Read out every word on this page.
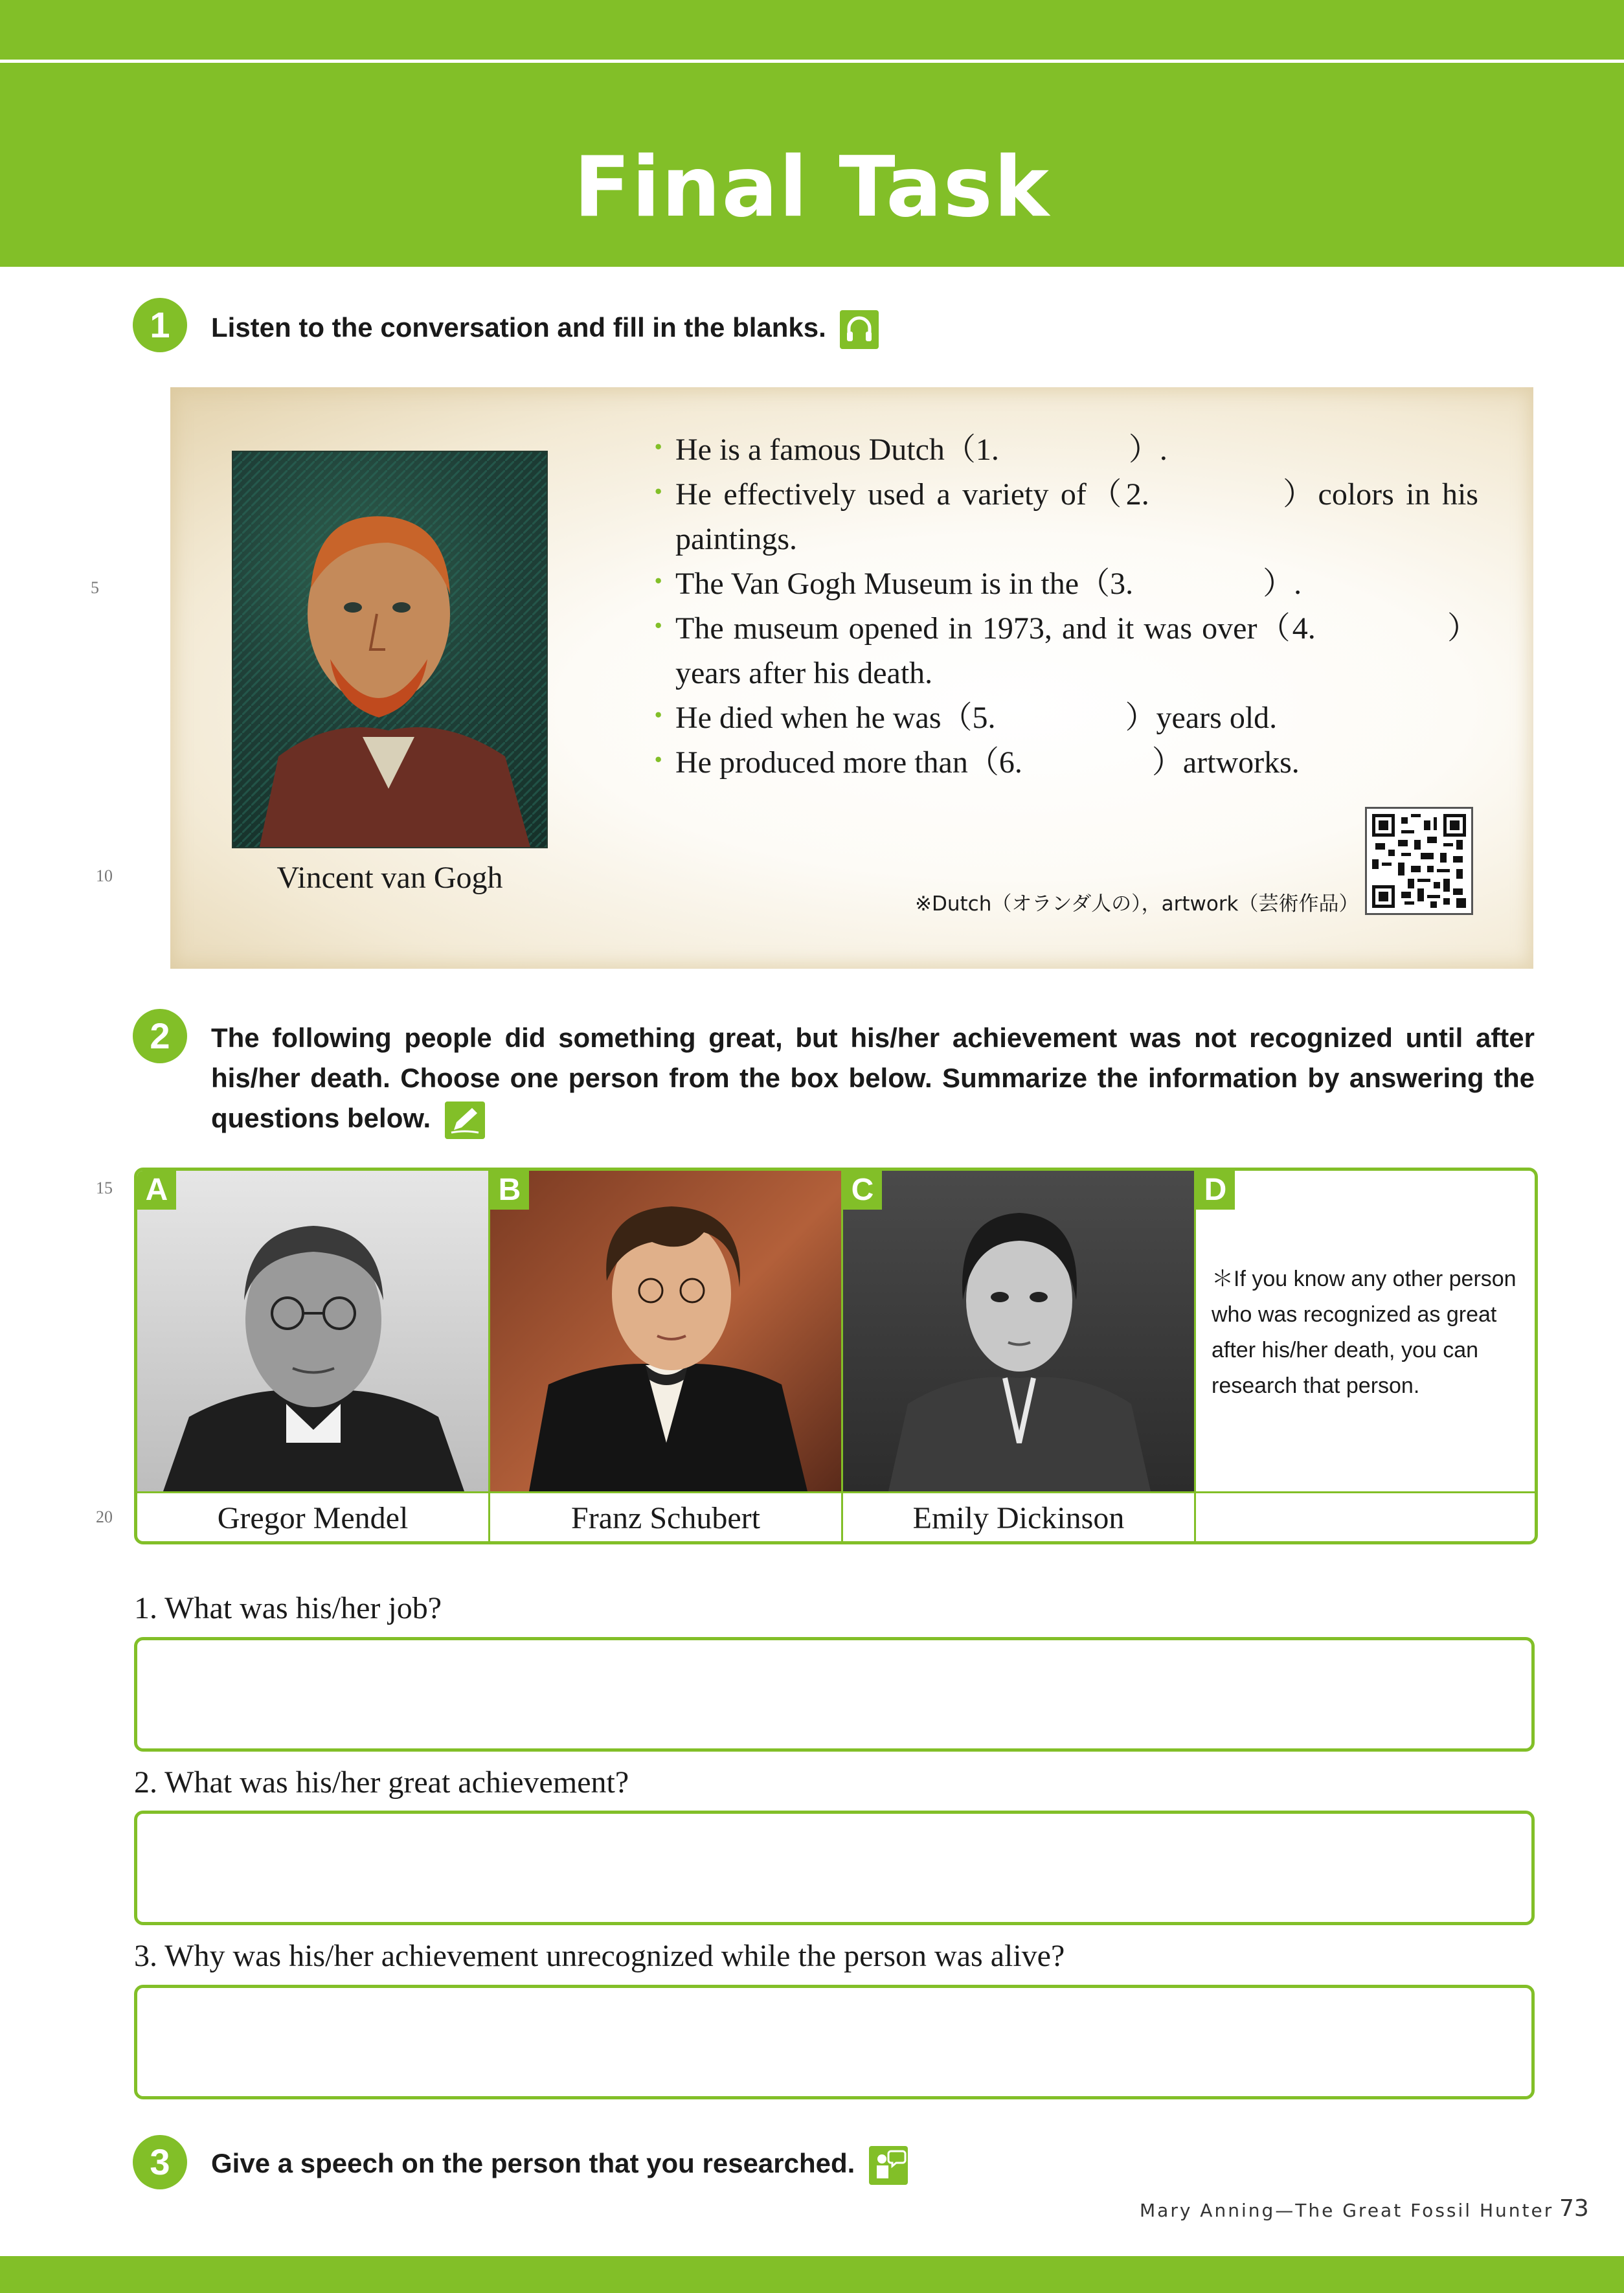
Final Task
5
10
15
20
1	Listen to the conversation and fill in the blanks.
Vincent van Gogh
· He is a famous Dutch（1.	）.
· He effectively used a variety of（2.	）colors in his paintings.
· The Van Gogh Museum is in the（3.	）.
· The museum opened in 1973, and it was over（4.	）years after his death.
· He died when he was（5.	）years old.
· He produced more than（6.	）artworks.
※Dutch（オランダ人の），artwork（芸術作品）
2	The following people did something great, but his/her achievement was not recognized until after his/her death. Choose one person from the box below. Summarize the information by answering the questions below.
A
Gregor Mendel
B
Franz Schubert
C
Emily Dickinson
D
＊If you know any other person who was recognized as great after his/her death, you can research that person.
1. What was his/her job?
2. What was his/her great achievement?
3. Why was his/her achievement unrecognized while the person was alive?
3	Give a speech on the person that you researched.
Mary Anning—The Great Fossil Hunter 73
